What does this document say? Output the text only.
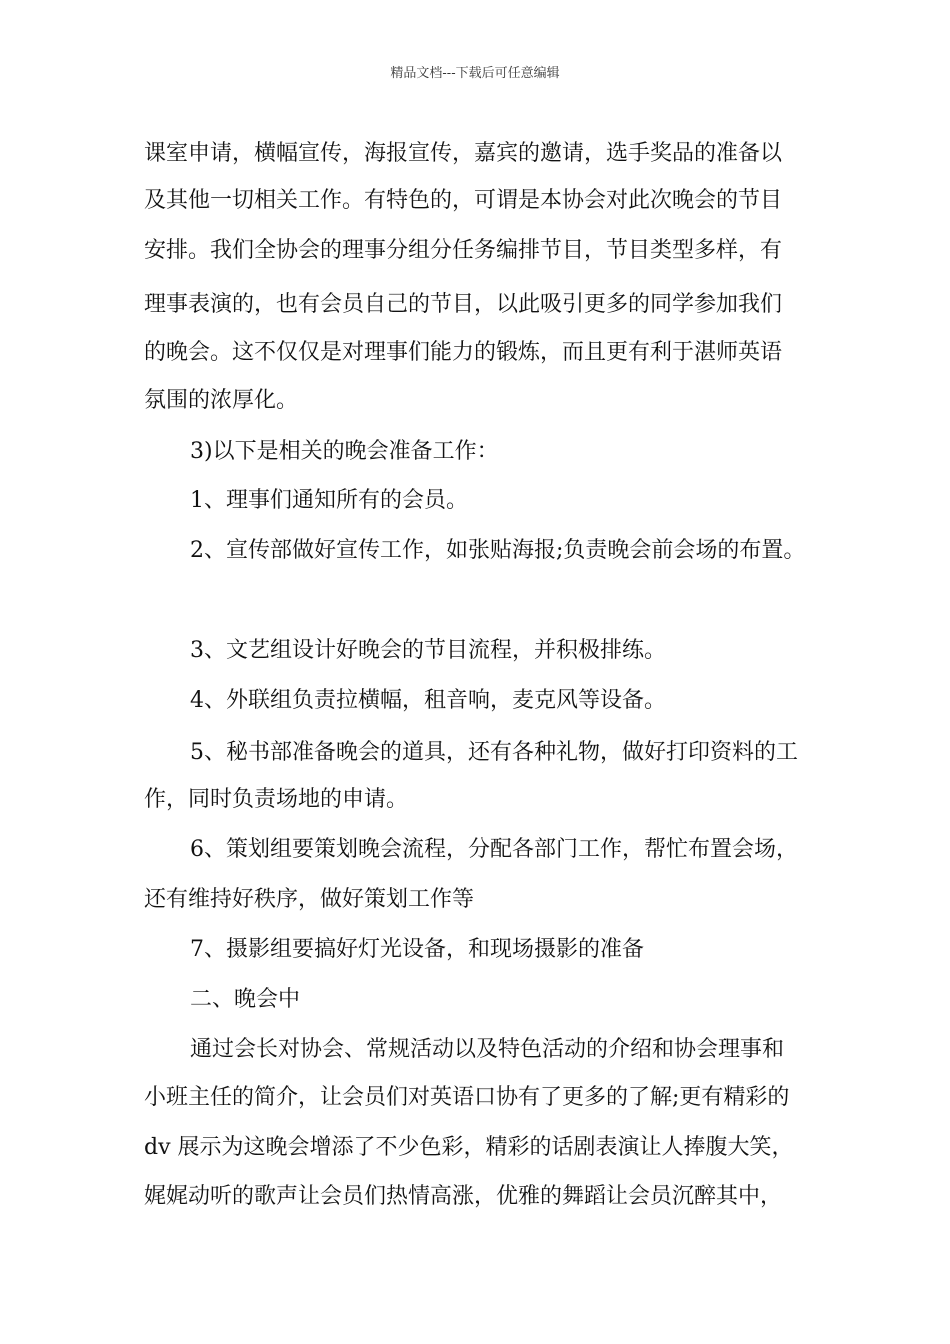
精品文档---下载后可任意编辑
课室申请，横幅宣传，海报宣传，嘉宾的邀请，选手奖品的准备以
及其他一切相关工作。有特色的，可谓是本协会对此次晚会的节目
安排。我们全协会的理事分组分任务编排节目，节目类型多样，有
理事表演的，也有会员自己的节目，以此吸引更多的同学参加我们
的晚会。这不仅仅是对理事们能力的锻炼，而且更有利于湛师英语
氛围的浓厚化。
3)以下是相关的晚会准备工作：
1、理事们通知所有的会员。
2、宣传部做好宣传工作，如张贴海报;负责晚会前会场的布置。
3、文艺组设计好晚会的节目流程，并积极排练。
4、外联组负责拉横幅，租音响，麦克风等设备。
5、秘书部准备晚会的道具，还有各种礼物，做好打印资料的工
作，同时负责场地的申请。
6、策划组要策划晚会流程，分配各部门工作，帮忙布置会场，
还有维持好秩序，做好策划工作等
7、摄影组要搞好灯光设备，和现场摄影的准备
二、晚会中
通过会长对协会、常规活动以及特色活动的介绍和协会理事和
小班主任的简介，让会员们对英语口协有了更多的了解;更有精彩的
dv 展示为这晚会增添了不少色彩，精彩的话剧表演让人捧腹大笑，
娓娓动听的歌声让会员们热情高涨，优雅的舞蹈让会员沉醉其中，
